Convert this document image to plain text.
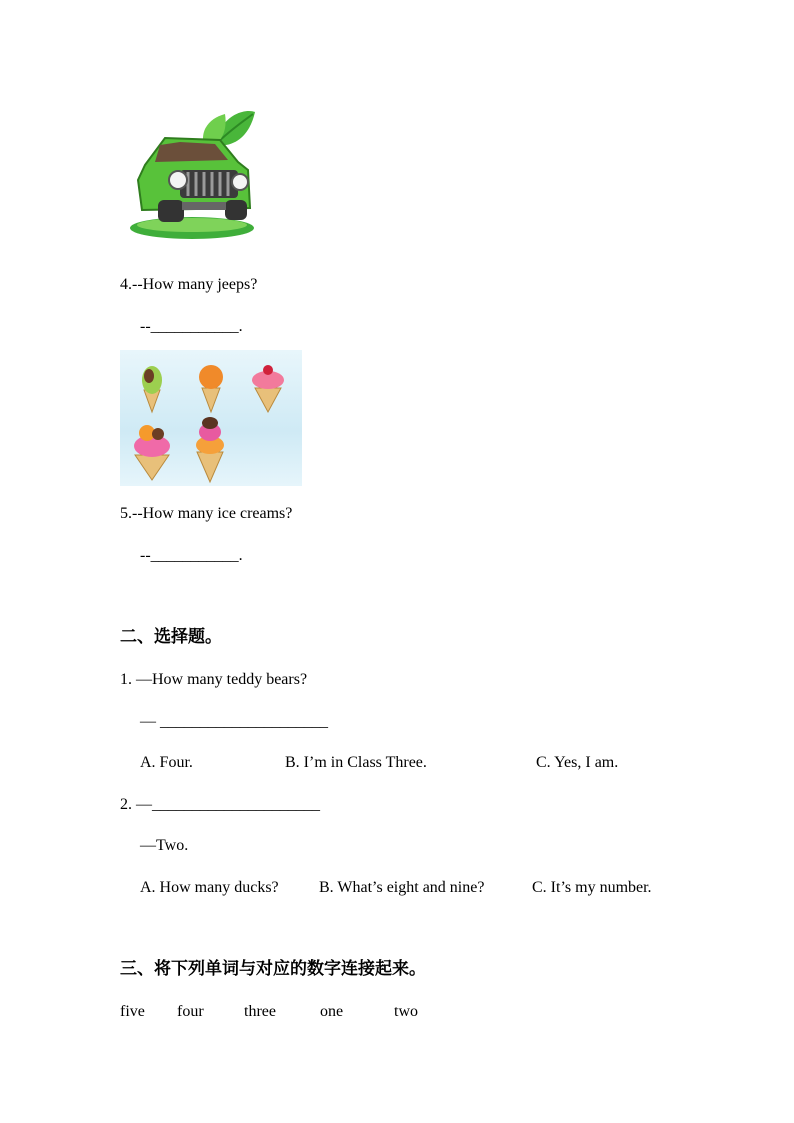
4.--How many jeeps?
--___________.
5.--How many ice creams?
--___________.
二、选择题。
1. —How many teddy bears?
— _____________________
A. Four.	B. I’m in Class Three.	C. Yes, I am.
2. —_____________________
—Two.
A. How many ducks?	B. What’s eight and nine?	C. It’s my number.
三、将下列单词与对应的数字连接起来。
five four	three	one	two
